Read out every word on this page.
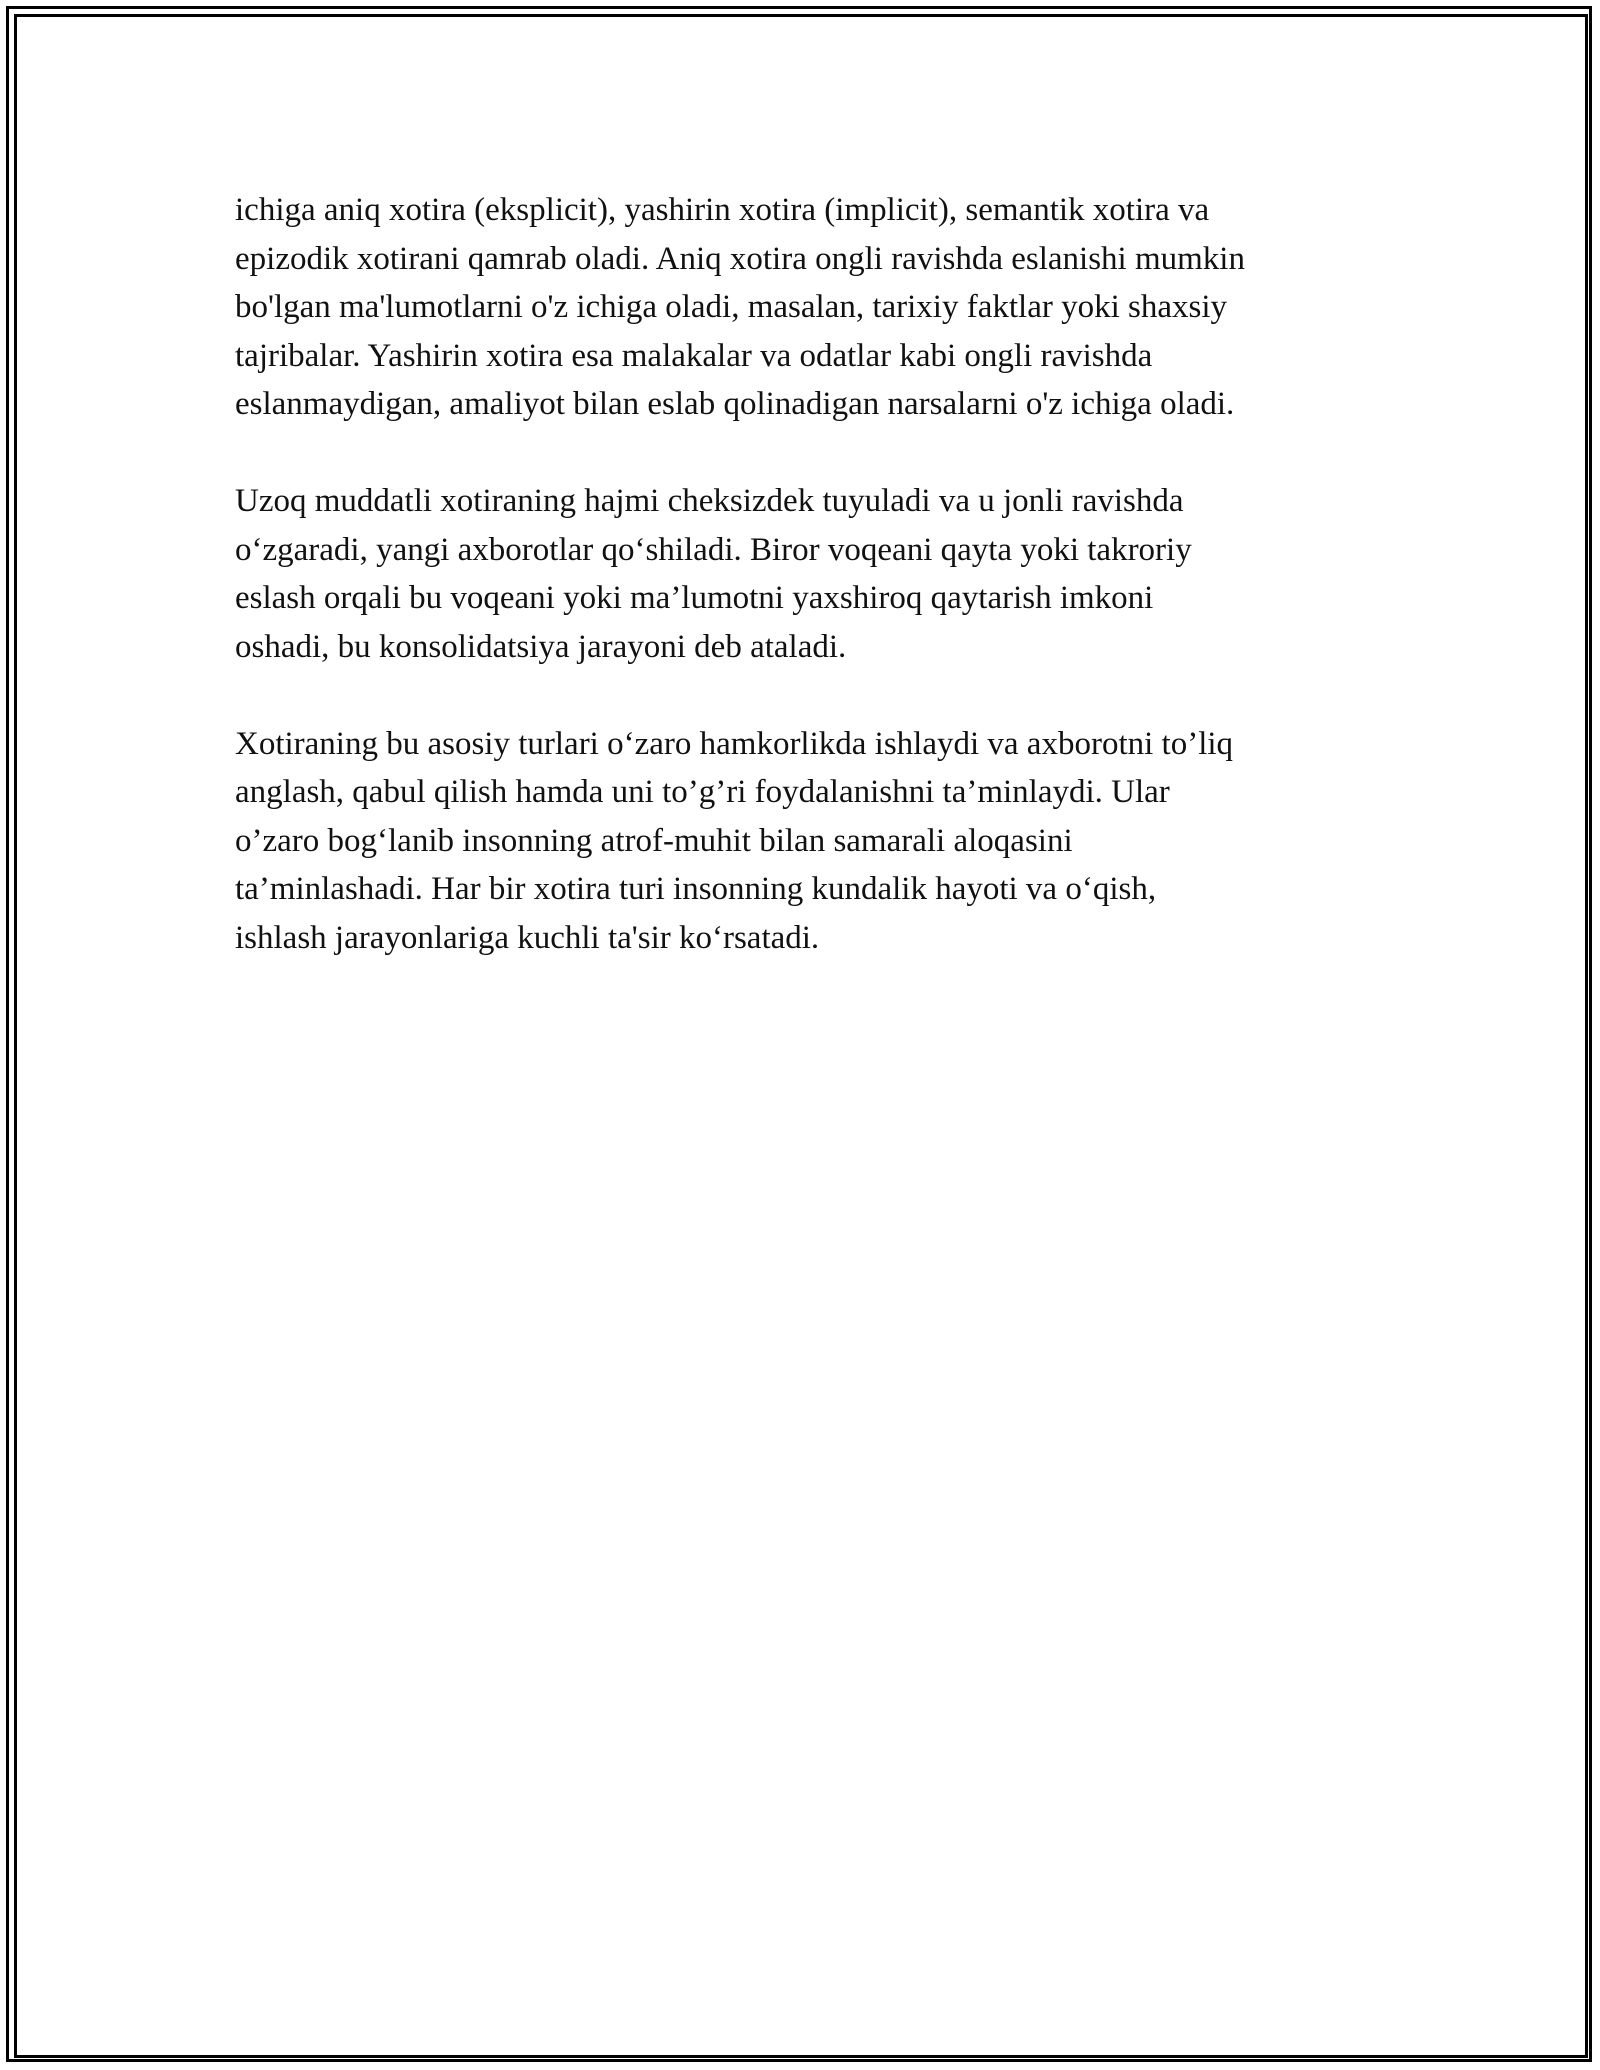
ichiga aniq xotira (eksplicit), yashirin xotira (implicit), semantik xotira va
epizodik xotirani qamrab oladi. Aniq xotira ongli ravishda eslanishi mumkin
bo'lgan ma'lumotlarni o'z ichiga oladi, masalan, tarixiy faktlar yoki shaxsiy
tajribalar. Yashirin xotira esa malakalar va odatlar kabi ongli ravishda
eslanmaydigan, amaliyot bilan eslab qolinadigan narsalarni o'z ichiga oladi.

Uzoq muddatli xotiraning hajmi cheksizdek tuyuladi va u jonli ravishda
o‘zgaradi, yangi axborotlar qo‘shiladi. Biror voqeani qayta yoki takroriy
eslash orqali bu voqeani yoki ma’lumotni yaxshiroq qaytarish imkoni
oshadi, bu konsolidatsiya jarayoni deb ataladi.

Xotiraning bu asosiy turlari o‘zaro hamkorlikda ishlaydi va axborotni to’liq
anglash, qabul qilish hamda uni to’g’ri foydalanishni ta’minlaydi. Ular
o’zaro bog‘lanib insonning atrof-muhit bilan samarali aloqasini
ta’minlashadi. Har bir xotira turi insonning kundalik hayoti va o‘qish,
ishlash jarayonlariga kuchli ta'sir ko‘rsatadi.
